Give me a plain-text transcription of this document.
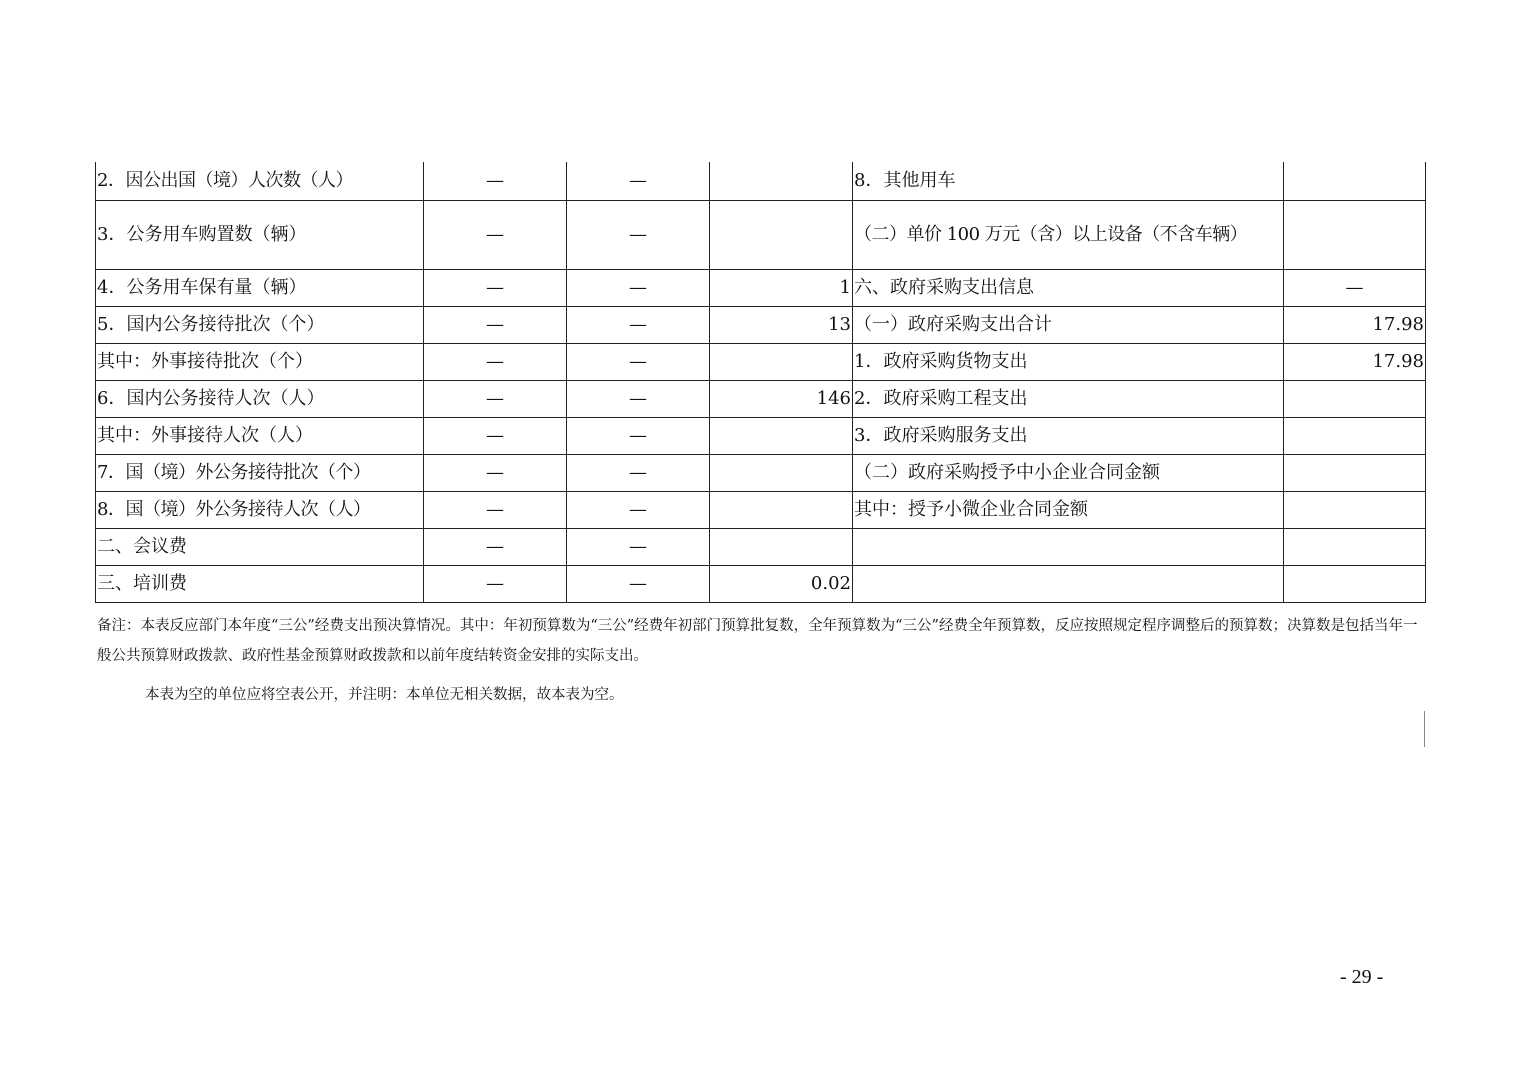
2．因公出国（境）人次数（人）	—	—		8．其他用车	
3．公务用车购置数（辆）	—	—		（二）单价 100 万元（含）以上设备（不含车辆）	
4．公务用车保有量（辆）	—	—	1	六、政府采购支出信息	—
5．国内公务接待批次（个）	—	—	13	（一）政府采购支出合计	17.98
其中：外事接待批次（个）	—	—		1．政府采购货物支出	17.98
6．国内公务接待人次（人）	—	—	146	2．政府采购工程支出	
其中：外事接待人次（人）	—	—		3．政府采购服务支出	
7．国（境）外公务接待批次（个）	—	—		（二）政府采购授予中小企业合同金额	
8．国（境）外公务接待人次（人）	—	—		其中：授予小微企业合同金额	
二、会议费	—	—			
三、培训费	—	—	0.02		
备注：本表反应部门本年度“三公”经费支出预决算情况。其中：年初预算数为“三公”经费年初部门预算批复数，全年预算数为“三公”经费全年预算数，反应按照规定程序调整后的预算数；决算数是包括当年一般公共预算财政拨款、政府性基金预算财政拨款和以前年度结转资金安排的实际支出。
本表为空的单位应将空表公开，并注明：本单位无相关数据，故本表为空。
- 29 -
